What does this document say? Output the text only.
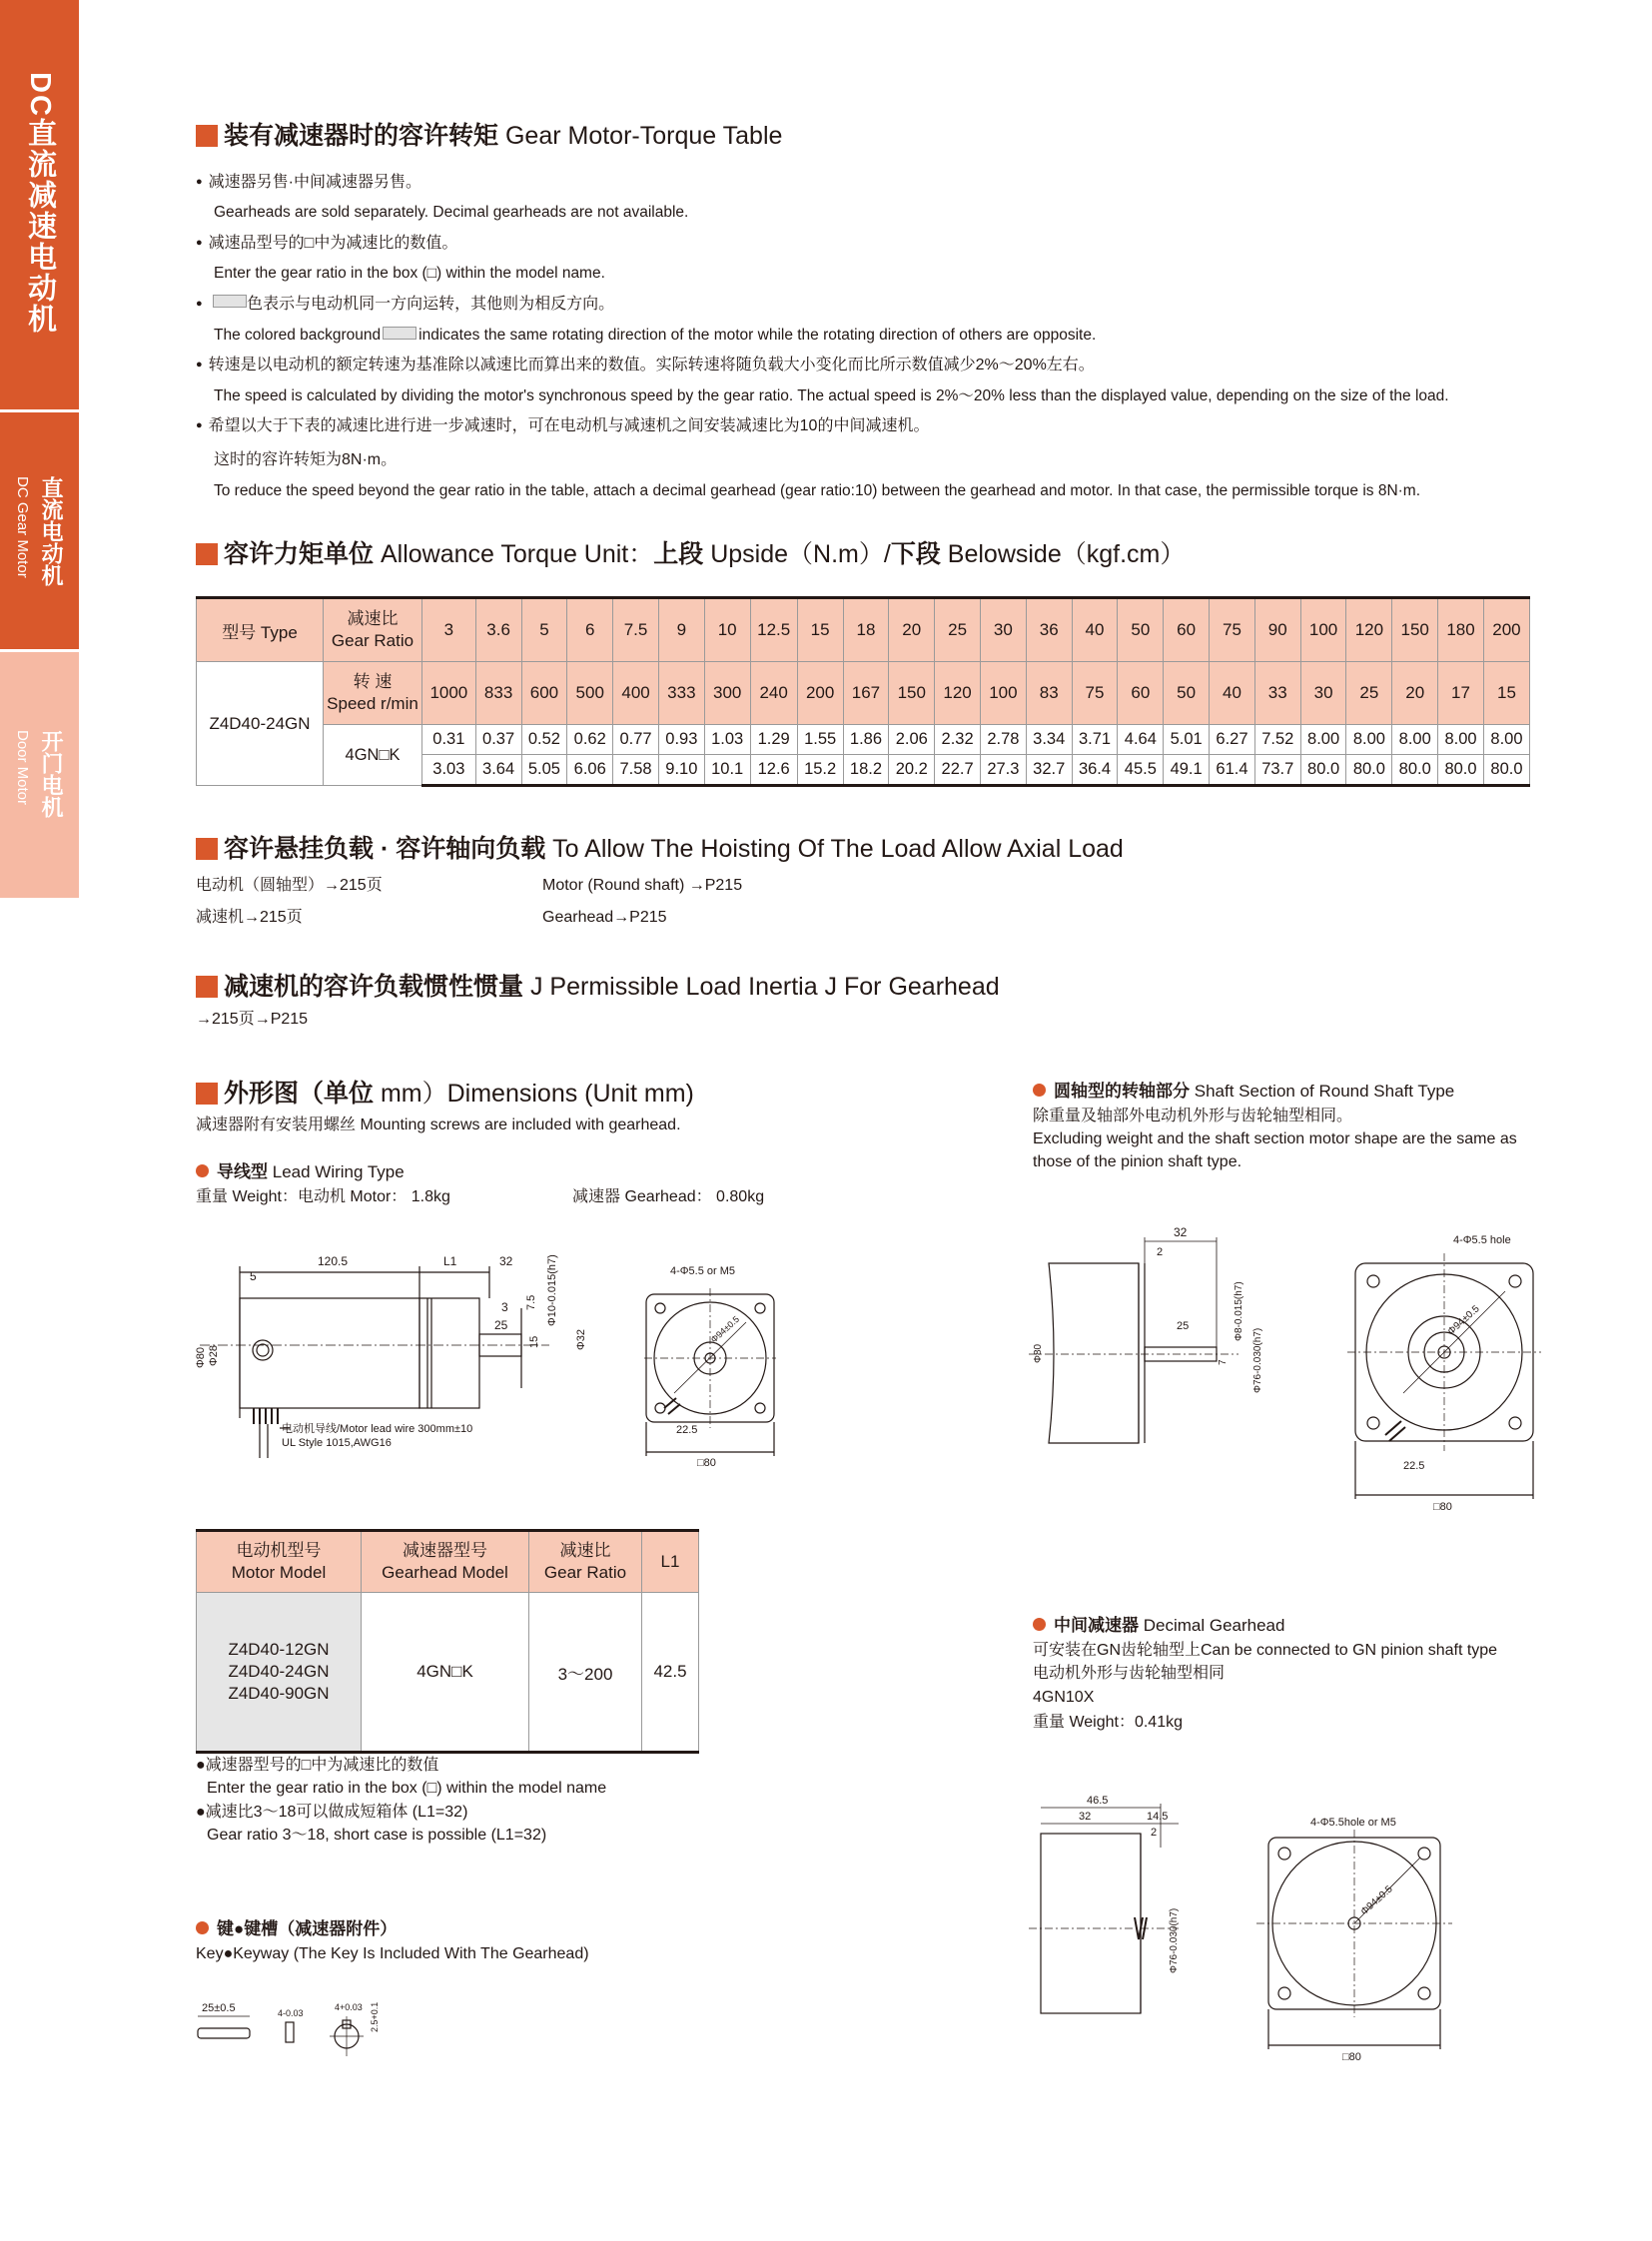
DC直流减速电动机
直流电动机
DC Gear Motor
开门电机
Door Motor
装有减速器时的容许转矩 Gear Motor-Torque Table
● 减速器另售·中间减速器另售。
Gearheads are sold separately. Decimal gearheads are not available.
● 减速品型号的□中为减速比的数值。
Enter the gear ratio in the box (□) within the model name.
● 色表示与电动机同一方向运转，其他则为相反方向。
The colored background indicates the same rotating direction of the motor while the rotating direction of others are opposite.
● 转速是以电动机的额定转速为基准除以减速比而算出来的数值。实际转速将随负载大小变化而比所示数值减少2%～20%左右。
The speed is calculated by dividing the motor's synchronous speed by the gear ratio. The actual speed is 2%～20% less than the displayed value, depending on the size of the load.
● 希望以大于下表的减速比进行进一步减速时，可在电动机与减速机之间安装减速比为10的中间减速机。
这时的容许转矩为8N·m。
To reduce the speed beyond the gear ratio in the table, attach a decimal gearhead (gear ratio:10) between the gearhead and motor. In that case, the permissible torque is 8N·m.
容许力矩单位 Allowance Torque Unit：上段 Upside（N.m）/下段 Belowside（kgf.cm）
型号 Type	减速比
Gear Ratio	3	3.6	5	6	7.5	9	10	12.5	15	18	20	25	30	36	40	50	60	75	90	100	120	150	180	200
Z4D40-24GN	转 速
Speed r/min	1000	833	600	500	400	333	300	240	200	167	150	120	100	83	75	60	50	40	33	30	25	20	17	15
	4GN□K	0.31	0.37	0.52	0.62	0.77	0.93	1.03	1.29	1.55	1.86	2.06	2.32	2.78	3.34	3.71	4.64	5.01	6.27	7.52	8.00	8.00	8.00	8.00	8.00
		3.03	3.64	5.05	6.06	7.58	9.10	10.1	12.6	15.2	18.2	20.2	22.7	27.3	32.7	36.4	45.5	49.1	61.4	73.7	80.0	80.0	80.0	80.0	80.0
容许悬挂负载 · 容许轴向负载 To Allow The Hoisting Of The Load Allow Axial Load
电动机（圆轴型）→215页
减速机→215页
Motor (Round shaft) →P215
Gearhead→P215
减速机的容许负载惯性惯量 J Permissible Load Inertia J For Gearhead
→215页→P215
外形图（单位 mm）Dimensions (Unit mm)
减速器附有安装用螺丝 Mounting screws are included with gearhead.
导线型 Lead Wiring Type
重量 Weight：电动机 Motor： 1.8kg	减速器 Gearhead： 0.80kg
120.5	L1	32
5
3
25
7.5 Φ10-0.015(h7)
15	Φ32
Φ80 Φ28
电动机导线/Motor lead wire 300mm±10
UL Style 1015,AWG16
4-Φ5.5 or M5
Φ94±0.5
22.5
□80
电动机型号
Motor Model	减速器型号
Gearhead Model	减速比
Gear Ratio	L1
Z4D40-12GN
Z4D40-24GN
Z4D40-90GN	4GN□K	3～200	42.5
●减速器型号的□中为减速比的数值
Enter the gear ratio in the box (□) within the model name
●减速比3～18可以做成短箱体 (L1=32)
Gear ratio 3～18, short case is possible (L1=32)
键●键槽（减速器附件）
Key●Keyway (The Key Is Included With The Gearhead)
25±0.5	4-0.03
4+0.03 2.5+0.1
圆轴型的转轴部分 Shaft Section of Round Shaft Type
除重量及轴部外电动机外形与齿轮轴型相同。
Excluding weight and the shaft section motor shape are the same as
those of the pinion shaft type.
32
2
25
7
Φ8-0.015(h7)
Φ76-0.030(h7)
Φ80
4-Φ5.5 hole
Φ94±0.5
22.5
□80
中间减速器 Decimal Gearhead
可安装在GN齿轮轴型上Can be connected to GN pinion shaft type
电动机外形与齿轮轴型相同
4GN10X
重量 Weight：0.41kg
46.5
32	14.5
2
Φ76-0.030(h7)
4-Φ5.5hole or M5
Φ94±0.5
□80
